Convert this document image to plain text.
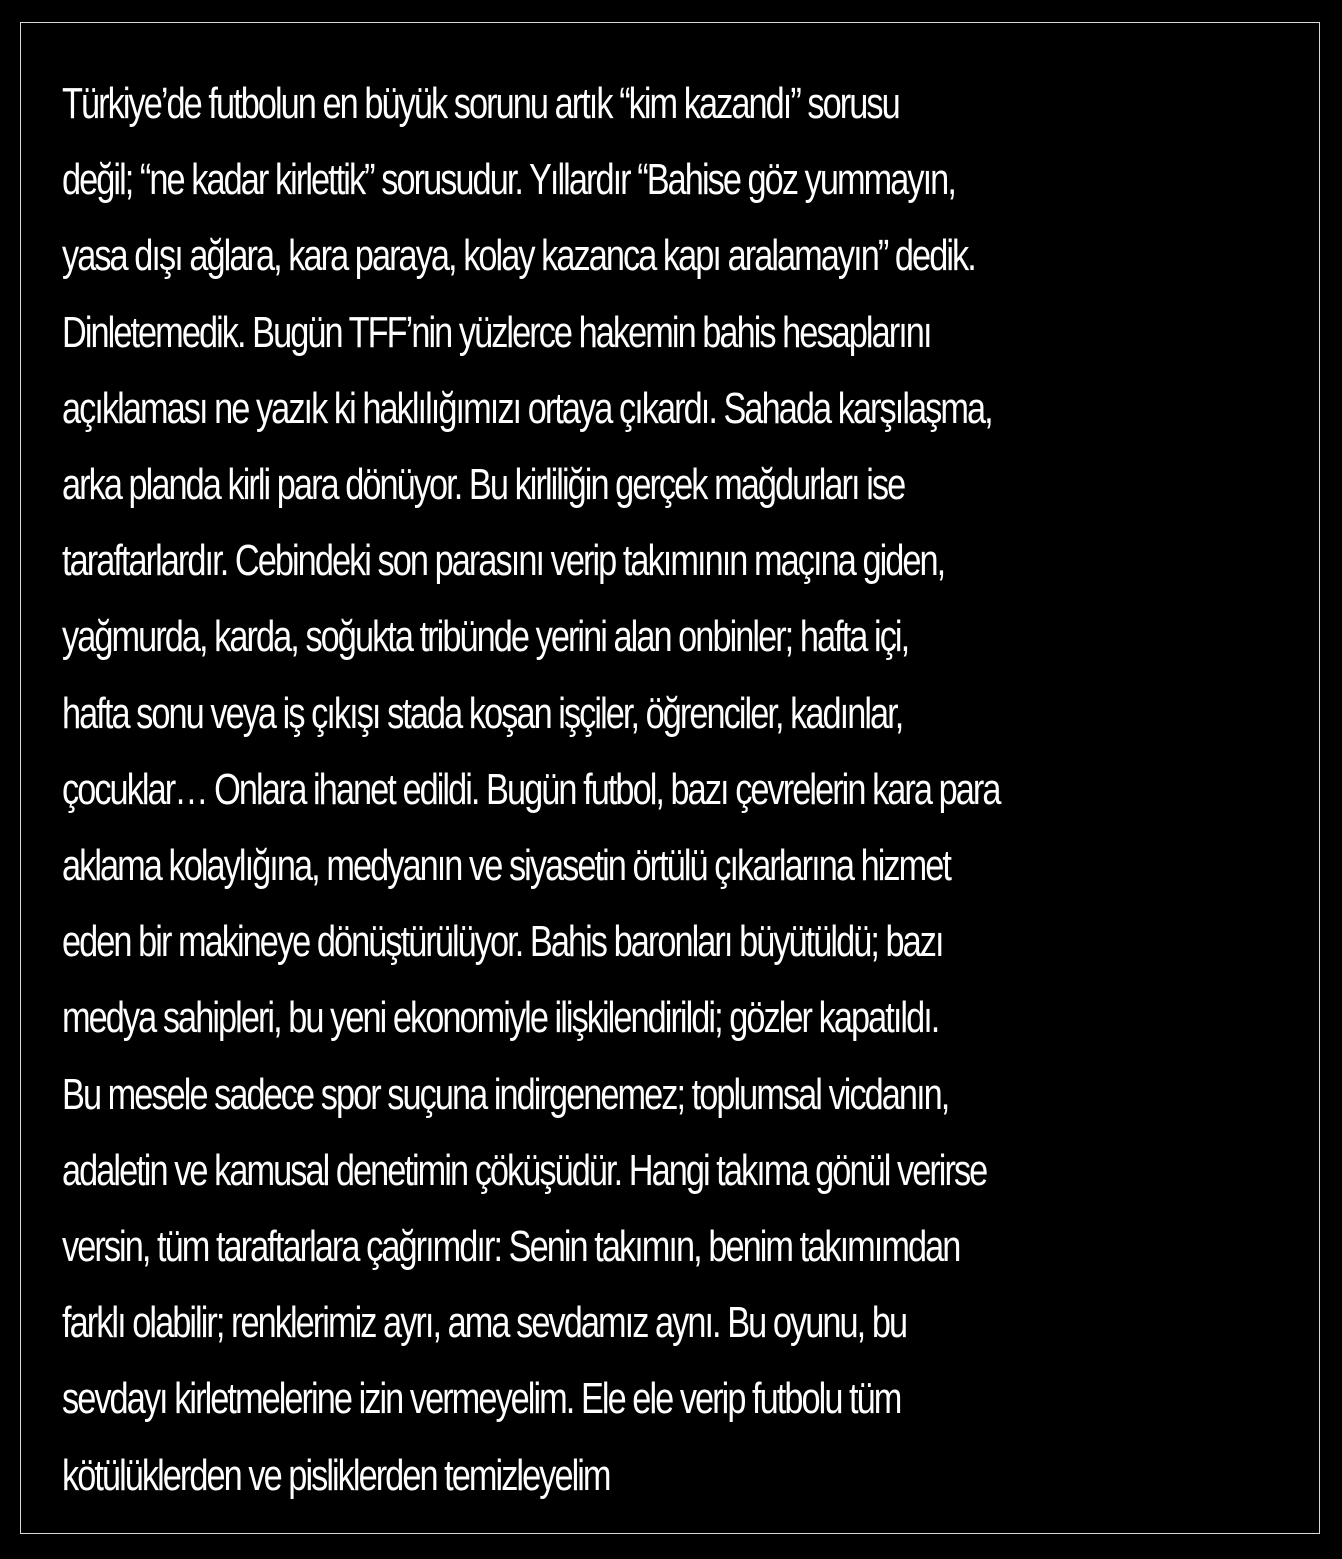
Türkiye’de futbolun en büyük sorunu artık “kim kazandı” sorusu
değil; “ne kadar kirlettik” sorusudur. Yıllardır “Bahise göz yummayın,
yasa dışı ağlara, kara paraya, kolay kazanca kapı aralamayın” dedik.
Dinletemedik. Bugün TFF’nin yüzlerce hakemin bahis hesaplarını
açıklaması ne yazık ki haklılığımızı ortaya çıkardı. Sahada karşılaşma,
arka planda kirli para dönüyor. Bu kirliliğin gerçek mağdurları ise
taraftarlardır. Cebindeki son parasını verip takımının maçına giden,
yağmurda, karda, soğukta tribünde yerini alan onbinler; hafta içi,
hafta sonu veya iş çıkışı stada koşan işçiler, öğrenciler, kadınlar,
çocuklar… Onlara ihanet edildi. Bugün futbol, bazı çevrelerin kara para
aklama kolaylığına, medyanın ve siyasetin örtülü çıkarlarına hizmet
eden bir makineye dönüştürülüyor. Bahis baronları büyütüldü; bazı
medya sahipleri, bu yeni ekonomiyle ilişkilendirildi; gözler kapatıldı.
Bu mesele sadece spor suçuna indirgenemez; toplumsal vicdanın,
adaletin ve kamusal denetimin çöküşüdür. Hangi takıma gönül verirse
versin, tüm taraftarlara çağrımdır: Senin takımın, benim takımımdan
farklı olabilir; renklerimiz ayrı, ama sevdamız aynı. Bu oyunu, bu
sevdayı kirletmelerine izin vermeyelim. Ele ele verip futbolu tüm
kötülüklerden ve pisliklerden temizleyelim
